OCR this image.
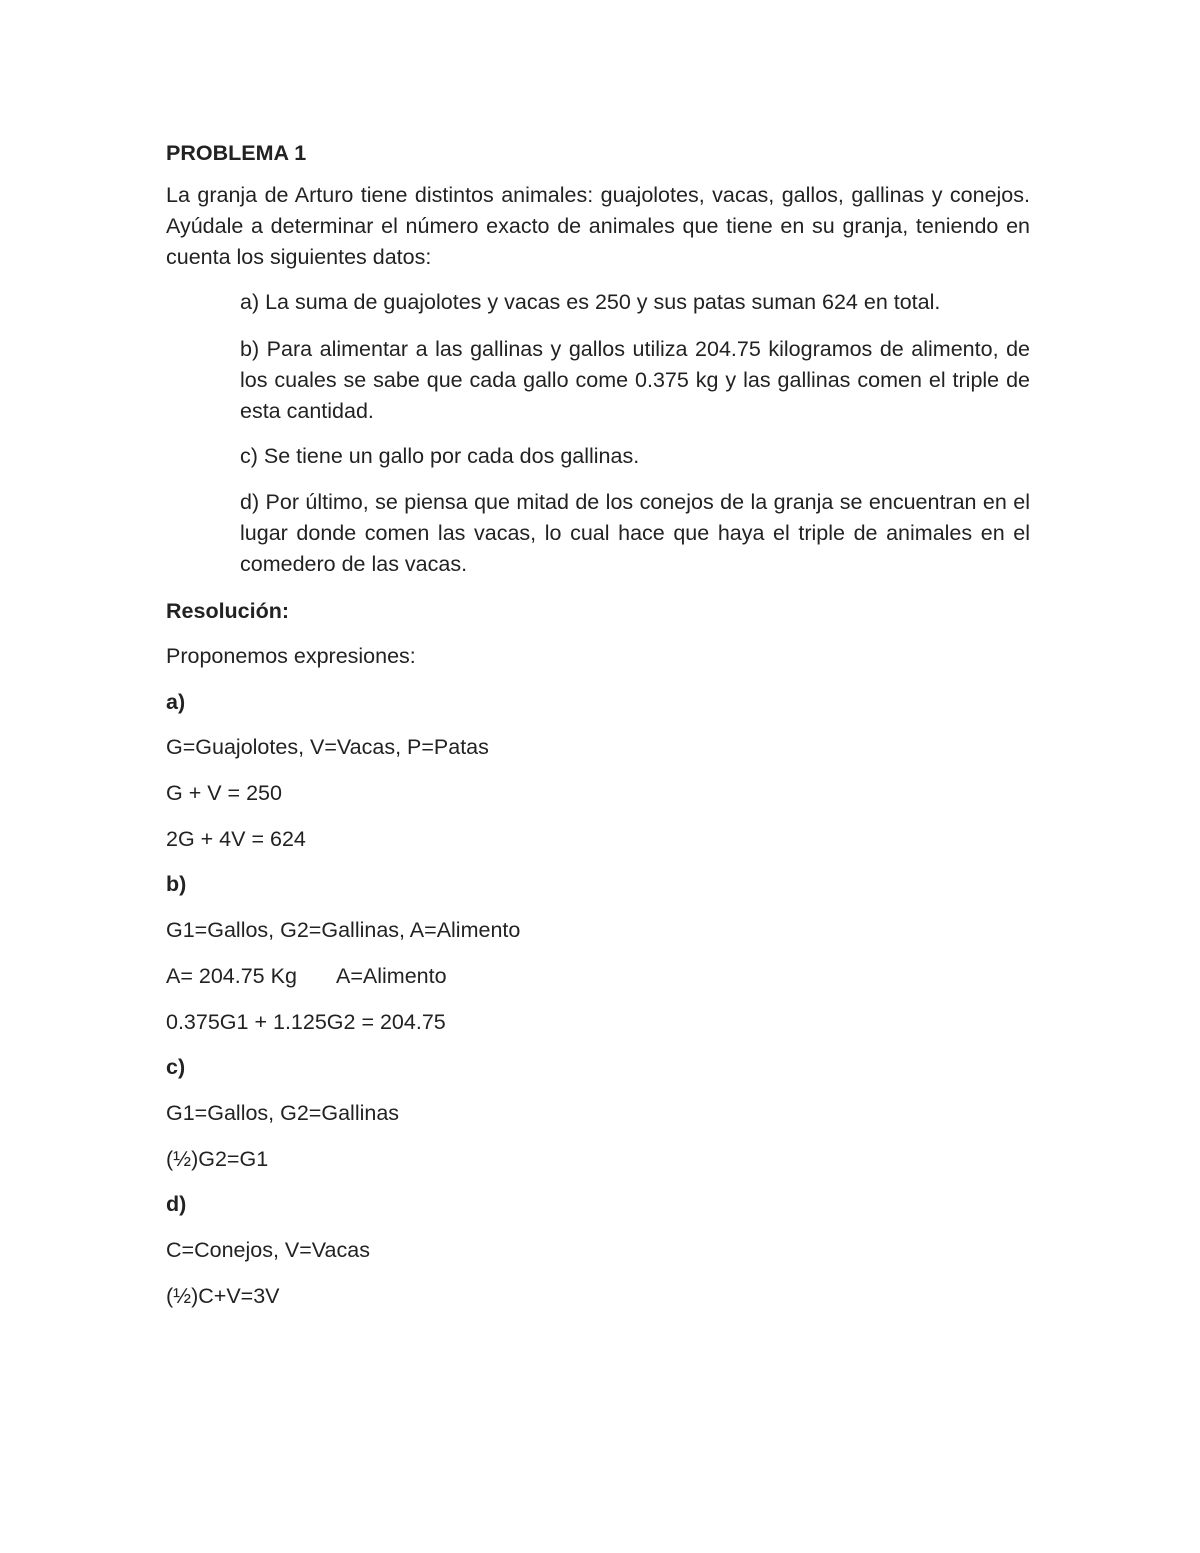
PROBLEMA 1
La granja de Arturo tiene distintos animales: guajolotes, vacas, gallos, gallinas y conejos. Ayúdale a determinar el número exacto de animales que tiene en su granja, teniendo en cuenta los siguientes datos:
a) La suma de guajolotes y vacas es 250 y sus patas suman 624 en total.
b) Para alimentar a las gallinas y gallos utiliza 204.75 kilogramos de alimento, de los cuales se sabe que cada gallo come 0.375 kg y las gallinas comen el triple de esta cantidad.
c) Se tiene un gallo por cada dos gallinas.
d) Por último, se piensa que mitad de los conejos de la granja se encuentran en el lugar donde comen las vacas, lo cual hace que haya el triple de animales en el comedero de las vacas.
Resolución:
Proponemos expresiones:
a)
G=Guajolotes, V=Vacas, P=Patas
G + V = 250
2G + 4V = 624
b)
G1=Gallos, G2=Gallinas, A=Alimento
A= 204.75 Kg A=Alimento
0.375G1 + 1.125G2 = 204.75
c)
G1=Gallos, G2=Gallinas
(½)G2=G1
d)
C=Conejos, V=Vacas
(½)C+V=3V
